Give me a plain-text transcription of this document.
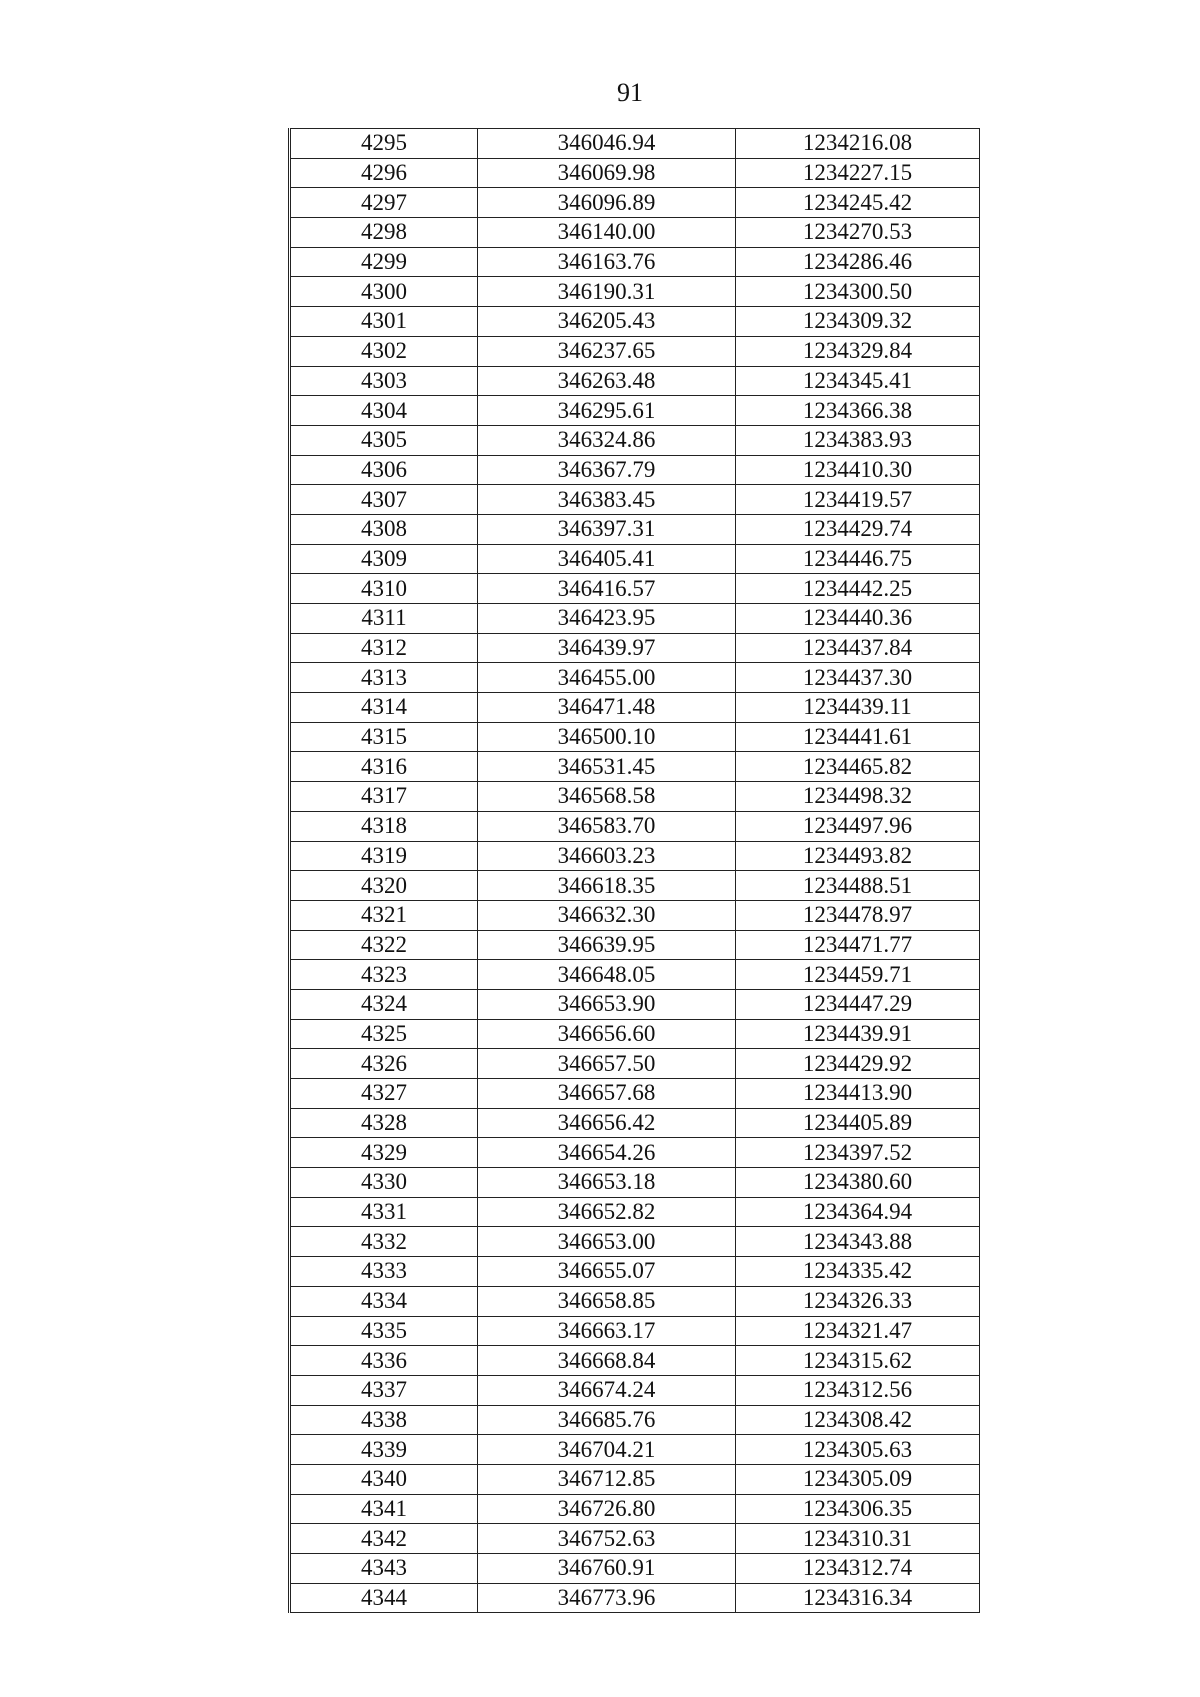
91
4295	346046.94	1234216.08
4296	346069.98	1234227.15
4297	346096.89	1234245.42
4298	346140.00	1234270.53
4299	346163.76	1234286.46
4300	346190.31	1234300.50
4301	346205.43	1234309.32
4302	346237.65	1234329.84
4303	346263.48	1234345.41
4304	346295.61	1234366.38
4305	346324.86	1234383.93
4306	346367.79	1234410.30
4307	346383.45	1234419.57
4308	346397.31	1234429.74
4309	346405.41	1234446.75
4310	346416.57	1234442.25
4311	346423.95	1234440.36
4312	346439.97	1234437.84
4313	346455.00	1234437.30
4314	346471.48	1234439.11
4315	346500.10	1234441.61
4316	346531.45	1234465.82
4317	346568.58	1234498.32
4318	346583.70	1234497.96
4319	346603.23	1234493.82
4320	346618.35	1234488.51
4321	346632.30	1234478.97
4322	346639.95	1234471.77
4323	346648.05	1234459.71
4324	346653.90	1234447.29
4325	346656.60	1234439.91
4326	346657.50	1234429.92
4327	346657.68	1234413.90
4328	346656.42	1234405.89
4329	346654.26	1234397.52
4330	346653.18	1234380.60
4331	346652.82	1234364.94
4332	346653.00	1234343.88
4333	346655.07	1234335.42
4334	346658.85	1234326.33
4335	346663.17	1234321.47
4336	346668.84	1234315.62
4337	346674.24	1234312.56
4338	346685.76	1234308.42
4339	346704.21	1234305.63
4340	346712.85	1234305.09
4341	346726.80	1234306.35
4342	346752.63	1234310.31
4343	346760.91	1234312.74
4344	346773.96	1234316.34
